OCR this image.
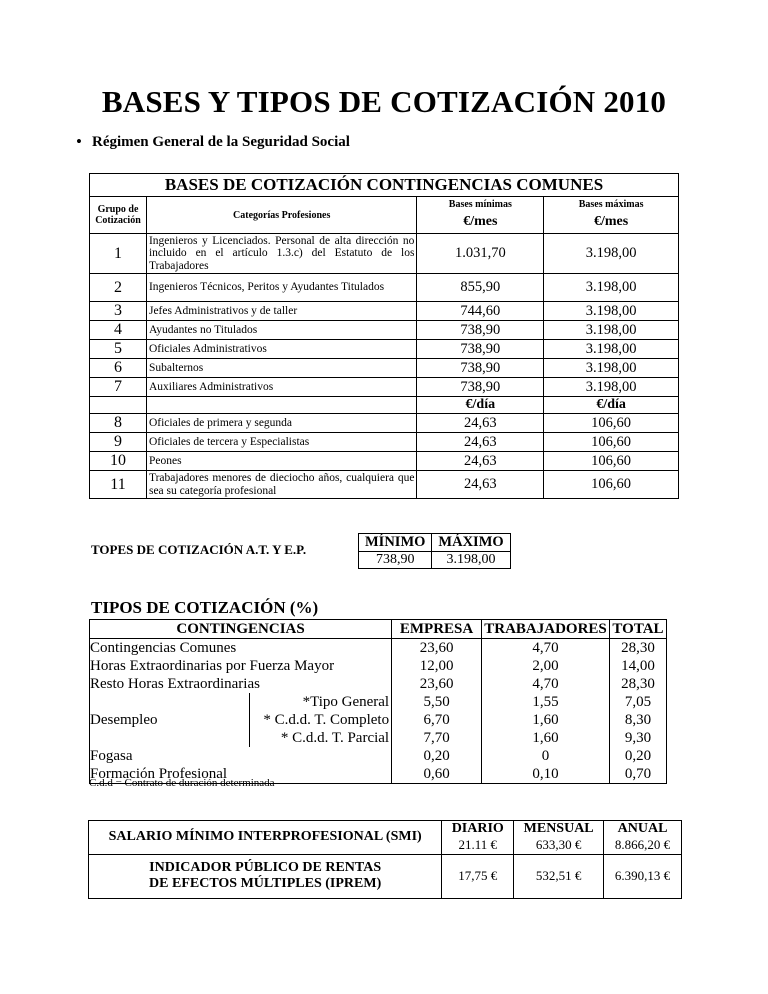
BASES Y TIPOS DE COTIZACIÓN 2010
• Régimen General de la Seguridad Social
BASES DE COTIZACIÓN CONTINGENCIAS COMUNES			
Grupo de Cotización	Categorías Profesiones	Bases mínimas	Bases máximas
		€/mes	€/mes
1	Ingenieros y Licenciados. Personal de alta dirección no incluido en el artículo 1.3.c) del Estatuto de los Trabajadores	1.031,70	3.198,00
2	Ingenieros Técnicos, Peritos y Ayudantes Titulados	855,90	3.198,00
3	Jefes Administrativos y de taller	744,60	3.198,00
4	Ayudantes no Titulados	738,90	3.198,00
5	Oficiales Administrativos	738,90	3.198,00
6	Subalternos	738,90	3.198,00
7	Auxiliares Administrativos	738,90	3.198,00
		€/día	€/día
8	Oficiales de primera y segunda	24,63	106,60
9	Oficiales de tercera y Especialistas	24,63	106,60
10	Peones	24,63	106,60
11	Trabajadores menores de dieciocho años, cualquiera que sea su categoría profesional	24,63	106,60
TOPES DE COTIZACIÓN A.T. Y E.P.	MÍNIMO	MÁXIMO
738,90	3.198,00
TIPOS DE COTIZACIÓN (%)
CONTINGENCIAS		EMPRESA	TRABAJADORES	TOTAL
Contingencias Comunes		23,60	4,70	28,30
Horas Extraordinarias por Fuerza Mayor		12,00	2,00	14,00
Resto Horas Extraordinarias		23,60	4,70	28,30
	*Tipo General	5,50	1,55	7,05
Desempleo	* C.d.d. T. Completo	6,70	1,60	8,30
	* C.d.d. T. Parcial	7,70	1,60	9,30
Fogasa		0,20	0	0,20
Formación Profesional		0,60	0,10	0,70
C.d.d = Contrato de duración determinada
SALARIO MÍNIMO INTERPROFESIONAL (SMI)	DIARIO	MENSUAL	ANUAL
	21.11 €	633,30 €	8.866,20 €
INDICADOR PÚBLICO DE RENTAS DE EFECTOS MÚLTIPLES (IPREM)	17,75 €	532,51 €	6.390,13 €
